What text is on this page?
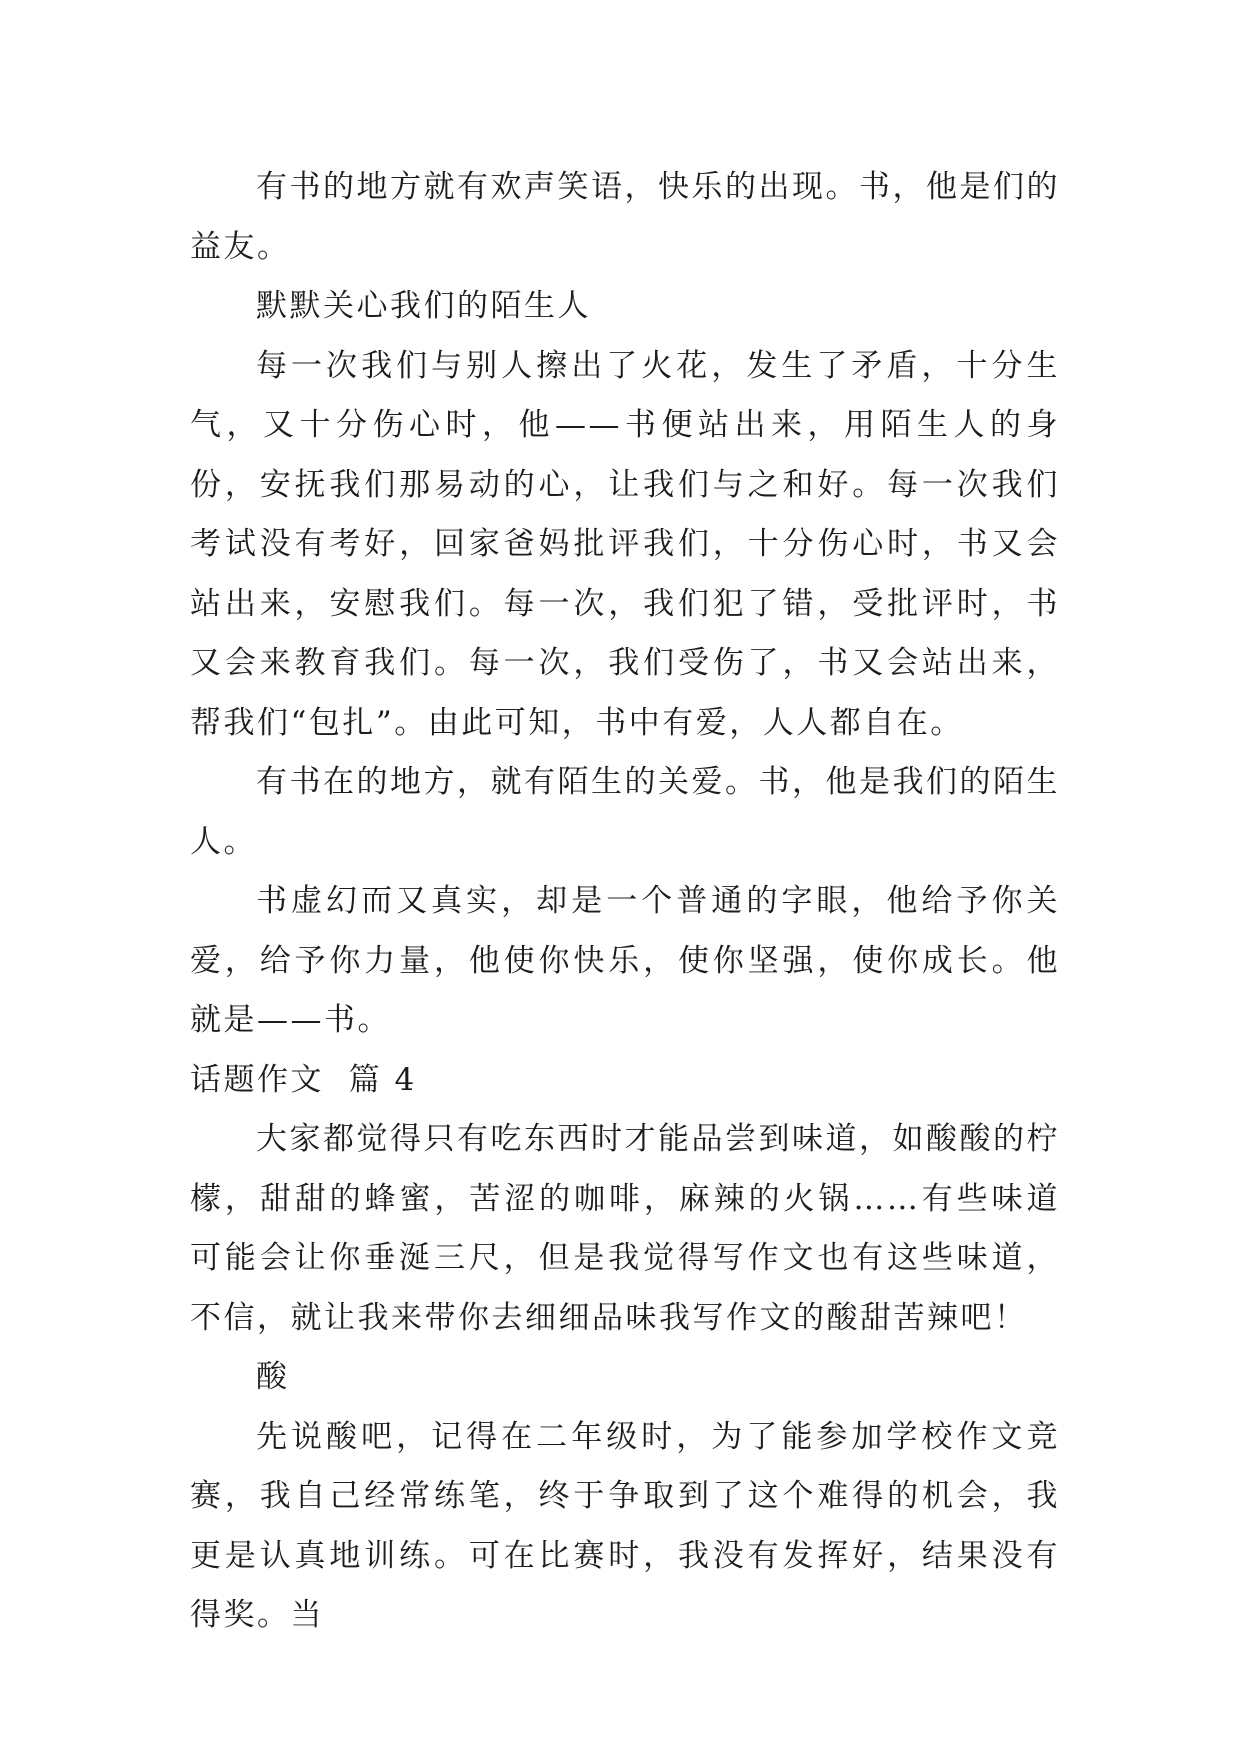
有书的地方就有欢声笑语，快乐的出现。书，他是们的益友。

默默关心我们的陌生人

每一次我们与别人擦出了火花，发生了矛盾，十分生气，又十分伤心时，他——书便站出来，用陌生人的身份，安抚我们那易动的心，让我们与之和好。每一次我们考试没有考好，回家爸妈批评我们，十分伤心时，书又会站出来，安慰我们。每一次，我们犯了错，受批评时，书又会来教育我们。每一次，我们受伤了，书又会站出来，帮我们“包扎”。由此可知，书中有爱，人人都自在。

有书在的地方，就有陌生的关爱。书，他是我们的陌生人。

书虚幻而又真实，却是一个普通的字眼，他给予你关爱，给予你力量，他使你快乐，使你坚强，使你成长。他就是——书。

话题作文  篇 4

大家都觉得只有吃东西时才能品尝到味道，如酸酸的柠檬，甜甜的蜂蜜，苦涩的咖啡，麻辣的火锅……有些味道可能会让你垂涎三尺，但是我觉得写作文也有这些味道，不信，就让我来带你去细细品味我写作文的酸甜苦辣吧！

酸

先说酸吧，记得在二年级时，为了能参加学校作文竞赛，我自己经常练笔，终于争取到了这个难得的机会，我更是认真地训练。可在比赛时，我没有发挥好，结果没有得奖。当
